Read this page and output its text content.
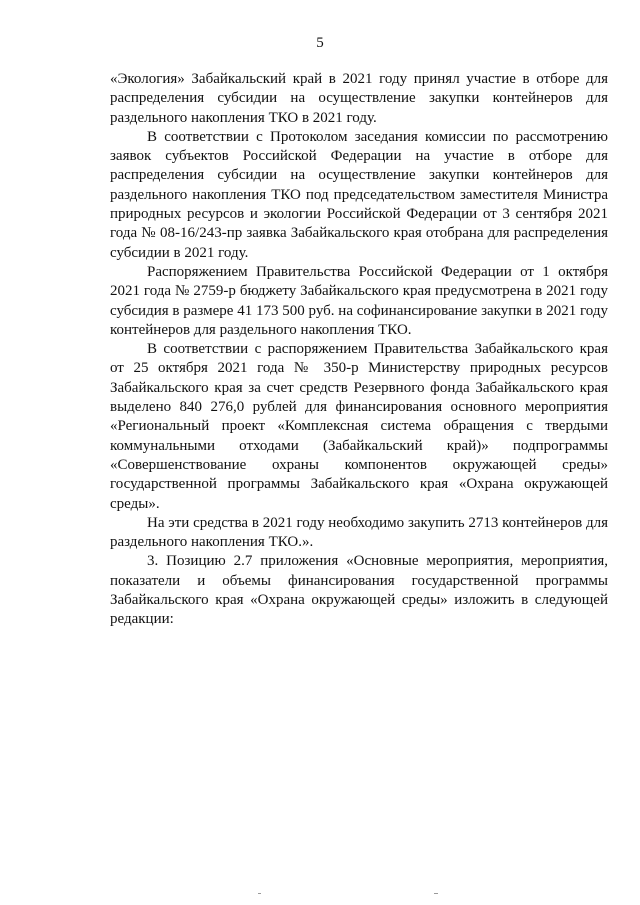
5

«Экология» Забайкальский край в 2021 году принял участие в отборе для распределения субсидии на осуществление закупки контейнеров для раздельного накопления ТКО в 2021 году.

В соответствии с Протоколом заседания комиссии по рассмотрению заявок субъектов Российской Федерации на участие в отборе для распределения субсидии на осуществление закупки контейнеров для раздельного накопления ТКО под председательством заместителя Министра природных ресурсов и экологии Российской Федерации от 3 сентября 2021 года № 08-16/243-пр заявка Забайкальского края отобрана для распределения субсидии в 2021 году.

Распоряжением Правительства Российской Федерации от 1 октября 2021 года № 2759-р бюджету Забайкальского края предусмотрена в 2021 году субсидия в размере 41 173 500 руб. на софинансирование закупки в 2021 году контейнеров для раздельного накопления ТКО.

В соответствии с распоряжением Правительства Забайкальского края от 25 октября 2021 года № 350-р Министерству природных ресурсов Забайкальского края за счет средств Резервного фонда Забайкальского края выделено 840 276,0 рублей для финансирования основного мероприятия «Региональный проект «Комплексная система обращения с твердыми коммунальными отходами (Забайкальский край)» подпрограммы «Совершенствование охраны компонентов окружающей среды» государственной программы Забайкальского края «Охрана окружающей среды».

На эти средства в 2021 году необходимо закупить 2713 контейнеров для раздельного накопления ТКО.».

3. Позицию 2.7 приложения «Основные мероприятия, мероприятия, показатели и объемы финансирования государственной программы Забайкальского края «Охрана окружающей среды» изложить в следующей редакции:
